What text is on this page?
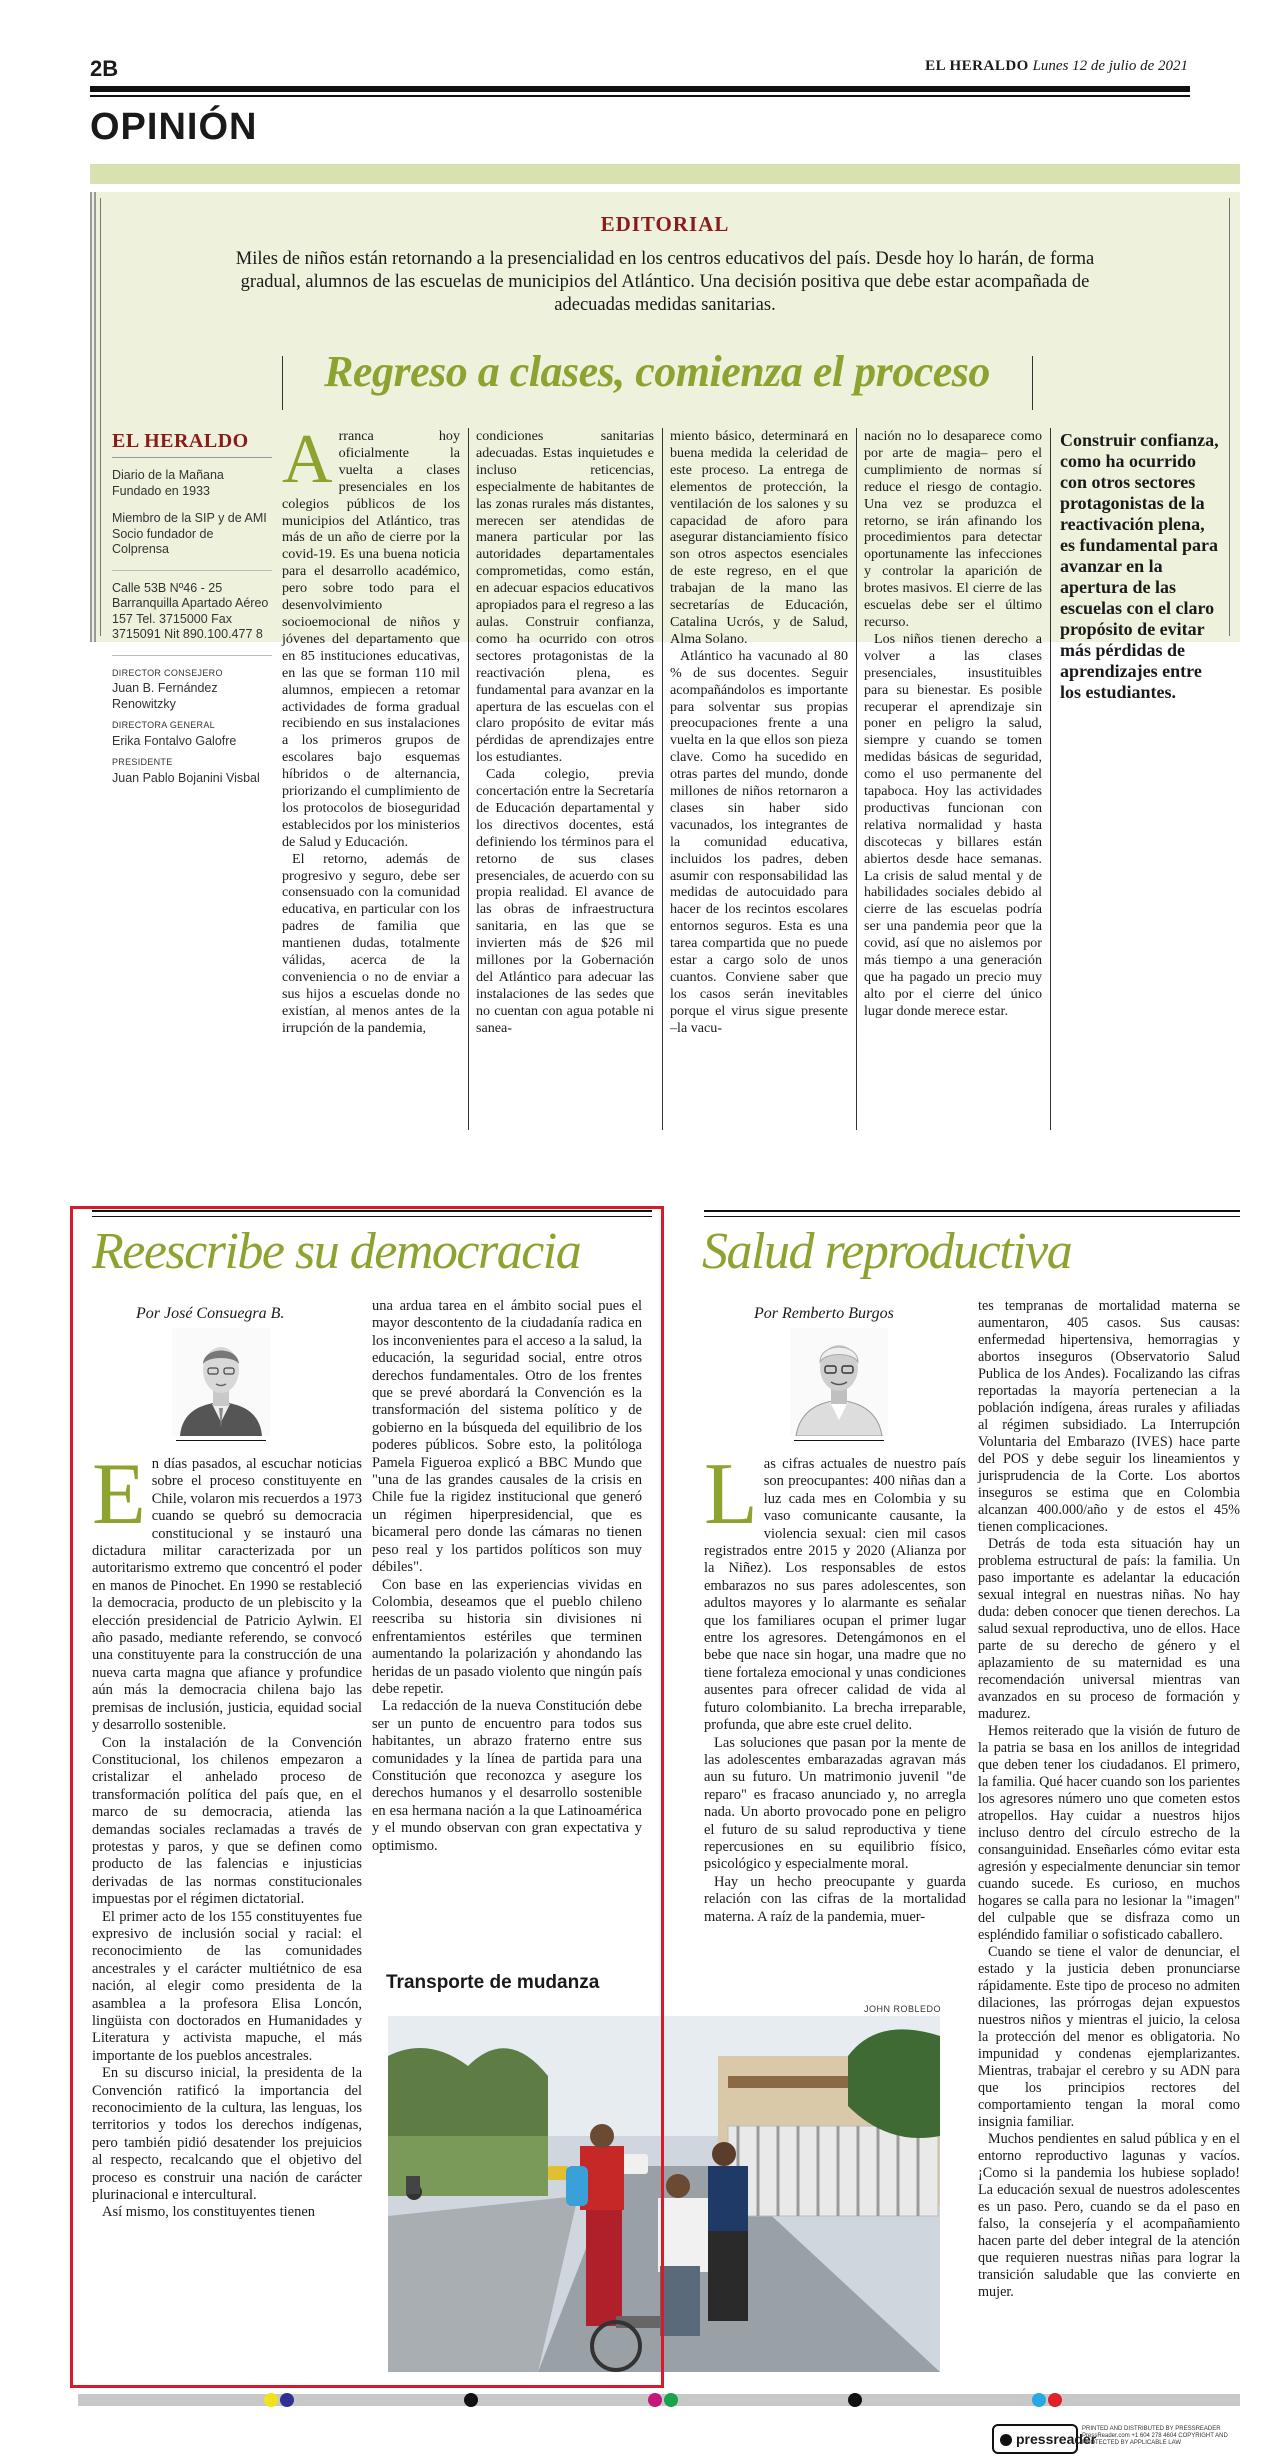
2B	EL HERALDO Lunes 12 de julio de 2021
OPINIÓN
EDITORIAL
Miles de niños están retornando a la presencialidad en los centros educativos del país. Desde hoy lo harán, de forma gradual, alumnos de las escuelas de municipios del Atlántico. Una decisión positiva que debe estar acompañada de adecuadas medidas sanitarias.
Regreso a clases, comienza el proceso
EL HERALDO
Diario de la Mañana Fundado en 1933
Miembro de la SIP y de AMI Socio fundador de Colprensa
Calle 53B Nº46 - 25 Barranquilla Apartado Aéreo 157 Tel. 3715000 Fax 3715091 Nit 890.100.477 8
DIRECTOR CONSEJERO
Juan B. Fernández Renowitzky
DIRECTORA GENERAL
Erika Fontalvo Galofre
PRESIDENTE
Juan Pablo Bojanini Visbal
A rranca hoy oficialmente la vuelta a clases presenciales en los colegios públicos de los municipios del Atlántico, tras más de un año de cierre por la covid-19. Es una buena noticia para el desarrollo académico, pero sobre todo para el desenvolvimiento socioemocional de niños y jóvenes del departamento que en 85 instituciones educativas, en las que se forman 110 mil alumnos, empiecen a retomar actividades de forma gradual recibiendo en sus instalaciones a los primeros grupos de escolares bajo esquemas híbridos o de alternancia, priorizando el cumplimiento de los protocolos de bioseguridad establecidos por los ministerios de Salud y Educación.

El retorno, además de progresivo y seguro, debe ser consensuado con la comunidad educativa, en particular con los padres de familia que mantienen dudas, totalmente válidas, acerca de la conveniencia o no de enviar a sus hijos a escuelas donde no existían, al menos antes de la irrupción de la pandemia,

condiciones sanitarias adecuadas. Estas inquietudes e incluso reticencias, especialmente de habitantes de las zonas rurales más distantes, merecen ser atendidas de manera particular por las autoridades departamentales comprometidas, como están, en adecuar espacios educativos apropiados para el regreso a las aulas. Construir confianza, como ha ocurrido con otros sectores protagonistas de la reactivación plena, es fundamental para avanzar en la apertura de las escuelas con el claro propósito de evitar más pérdidas de aprendizajes entre los estudiantes.

Cada colegio, previa concertación entre la Secretaría de Educación departamental y los directivos docentes, está definiendo los términos para el retorno de sus clases presenciales, de acuerdo con su propia realidad. El avance de las obras de infraestructura sanitaria, en las que se invierten más de $26 mil millones por la Gobernación del Atlántico para adecuar las instalaciones de las sedes que no cuentan con agua potable ni sanea-

miento básico, determinará en buena medida la celeridad de este proceso. La entrega de elementos de protección, la ventilación de los salones y su capacidad de aforo para asegurar distanciamiento físico son otros aspectos esenciales de este regreso, en el que trabajan de la mano las secretarías de Educación, Catalina Ucrós, y de Salud, Alma Solano.

Atlántico ha vacunado al 80 % de sus docentes. Seguir acompañándolos es importante para solventar sus propias preocupaciones frente a una vuelta en la que ellos son pieza clave. Como ha sucedido en otras partes del mundo, donde millones de niños retornaron a clases sin haber sido vacunados, los integrantes de la comunidad educativa, incluidos los padres, deben asumir con responsabilidad las medidas de autocuidado para hacer de los recintos escolares entornos seguros. Esta es una tarea compartida que no puede estar a cargo solo de unos cuantos. Conviene saber que los casos serán inevitables porque el virus sigue presente –la vacu-

nación no lo desaparece como por arte de magia– pero el cumplimiento de normas sí reduce el riesgo de contagio. Una vez se produzca el retorno, se irán afinando los procedimientos para detectar oportunamente las infecciones y controlar la aparición de brotes masivos. El cierre de las escuelas debe ser el último recurso.

Los niños tienen derecho a volver a las clases presenciales, insustituibles para su bienestar. Es posible recuperar el aprendizaje sin poner en peligro la salud, siempre y cuando se tomen medidas básicas de seguridad, como el uso permanente del tapaboca. Hoy las actividades productivas funcionan con relativa normalidad y hasta discotecas y billares están abiertos desde hace semanas. La crisis de salud mental y de habilidades sociales debido al cierre de las escuelas podría ser una pandemia peor que la covid, así que no aislemos por más tiempo a una generación que ha pagado un precio muy alto por el cierre del único lugar donde merece estar.

Construir confianza, como ha ocurrido con otros sectores protagonistas de la reactivación plena, es fundamental para avanzar en la apertura de las escuelas con el claro propósito de evitar más pérdidas de aprendizajes entre los estudiantes.
Reescribe su democracia
Por José Consuegra B.
E n días pasados, al escuchar noticias sobre el proceso constituyente en Chile, volaron mis recuerdos a 1973 cuando se quebró su democracia constitucional y se instauró una dictadura militar caracterizada por un autoritarismo extremo que concentró el poder en manos de Pinochet. En 1990 se restableció la democracia, producto de un plebiscito y la elección presidencial de Patricio Aylwin. El año pasado, mediante referendo, se convocó una constituyente para la construcción de una nueva carta magna que afiance y profundice aún más la democracia chilena bajo las premisas de inclusión, justicia, equidad social y desarrollo sostenible.

Con la instalación de la Convención Constitucional, los chilenos empezaron a cristalizar el anhelado proceso de transformación política del país que, en el marco de su democracia, atienda las demandas sociales reclamadas a través de protestas y paros, y que se definen como producto de las falencias e injusticias derivadas de las normas constitucionales impuestas por el régimen dictatorial.

El primer acto de los 155 constituyentes fue expresivo de inclusión social y racial: el reconocimiento de las comunidades ancestrales y el carácter multiétnico de esa nación, al elegir como presidenta de la asamblea a la profesora Elisa Loncón, lingüista con doctorados en Humanidades y Literatura y activista mapuche, el más importante de los pueblos ancestrales.

En su discurso inicial, la presidenta de la Convención ratificó la importancia del reconocimiento de la cultura, las lenguas, los territorios y todos los derechos indígenas, pero también pidió desatender los prejuicios al respecto, recalcando que el objetivo del proceso es construir una nación de carácter plurinacional e intercultural.

Así mismo, los constituyentes tienen

una ardua tarea en el ámbito social pues el mayor descontento de la ciudadanía radica en los inconvenientes para el acceso a la salud, la educación, la seguridad social, entre otros derechos fundamentales. Otro de los frentes que se prevé abordará la Convención es la transformación del sistema político y de gobierno en la búsqueda del equilibrio de los poderes públicos. Sobre esto, la politóloga Pamela Figueroa explicó a BBC Mundo que "una de las grandes causales de la crisis en Chile fue la rigidez institucional que generó un régimen hiperpresidencial, que es bicameral pero donde las cámaras no tienen peso real y los partidos políticos son muy débiles".

Con base en las experiencias vividas en Colombia, deseamos que el pueblo chileno reescriba su historia sin divisiones ni enfrentamientos estériles que terminen aumentando la polarización y ahondando las heridas de un pasado violento que ningún país debe repetir.

La redacción de la nueva Constitución debe ser un punto de encuentro para todos sus habitantes, un abrazo fraterno entre sus comunidades y la línea de partida para una Constitución que reconozca y asegure los derechos humanos y el desarrollo sostenible en esa hermana nación a la que Latinoamérica y el mundo observan con gran expectativa y optimismo.

Transporte de mudanza
JOHN ROBLEDO
Salud reproductiva
Por Remberto Burgos
L as cifras actuales de nuestro país son preocupantes: 400 niñas dan a luz cada mes en Colombia y su vaso comunicante causante, la violencia sexual: cien mil casos registrados entre 2015 y 2020 (Alianza por la Niñez). Los responsables de estos embarazos no sus pares adolescentes, son adultos mayores y lo alarmante es señalar que los familiares ocupan el primer lugar entre los agresores. Detengámonos en el bebe que nace sin hogar, una madre que no tiene fortaleza emocional y unas condiciones ausentes para ofrecer calidad de vida al futuro colombianito. La brecha irreparable, profunda, que abre este cruel delito.

Las soluciones que pasan por la mente de las adolescentes embarazadas agravan más aun su futuro. Un matrimonio juvenil "de reparo" es fracaso anunciado y, no arregla nada. Un aborto provocado pone en peligro el futuro de su salud reproductiva y tiene repercusiones en su equilibrio físico, psicológico y especialmente moral.

Hay un hecho preocupante y guarda relación con las cifras de la mortalidad materna. A raíz de la pandemia, muer-

tes tempranas de mortalidad materna se aumentaron, 405 casos. Sus causas: enfermedad hipertensiva, hemorragias y abortos inseguros (Observatorio Salud Publica de los Andes). Focalizando las cifras reportadas la mayoría pertenecian a la población indígena, áreas rurales y afiliadas al régimen subsidiado. La Interrupción Voluntaria del Embarazo (IVES) hace parte del POS y debe seguir los lineamientos y jurisprudencia de la Corte. Los abortos inseguros se estima que en Colombia alcanzan 400.000/año y de estos el 45% tienen complicaciones.

Detrás de toda esta situación hay un problema estructural de país: la familia. Un paso importante es adelantar la educación sexual integral en nuestras niñas. No hay duda: deben conocer que tienen derechos. La salud sexual reproductiva, uno de ellos. Hace parte de su derecho de género y el aplazamiento de su maternidad es una recomendación universal mientras van avanzados en su proceso de formación y madurez.

Hemos reiterado que la visión de futuro de la patria se basa en los anillos de integridad que deben tener los ciudadanos. El primero, la familia. Qué hacer cuando son los parientes los agresores número uno que cometen estos atropellos. Hay cuidar a nuestros hijos incluso dentro del círculo estrecho de la consanguinidad. Enseñarles cómo evitar esta agresión y especialmente denunciar sin temor cuando sucede. Es curioso, en muchos hogares se calla para no lesionar la "imagen" del culpable que se disfraza como un espléndido familiar o sofisticado caballero.

Cuando se tiene el valor de denunciar, el estado y la justicia deben pronunciarse rápidamente. Este tipo de proceso no admiten dilaciones, las prórrogas dejan expuestos nuestros niños y mientras el juicio, la celosa la protección del menor es obligatoria. No impunidad y condenas ejemplarizantes. Mientras, trabajar el cerebro y su ADN para que los principios rectores del comportamiento tengan la moral como insignia familiar.

Muchos pendientes en salud pública y en el entorno reproductivo lagunas y vacíos. ¡Como si la pandemia los hubiese soplado! La educación sexual de nuestros adolescentes es un paso. Pero, cuando se da el paso en falso, la consejería y el acompañamiento hacen parte del deber integral de la atención que requieren nuestras niñas para lograr la transición saludable que las convierte en mujer.

pressreader
PRINTED AND DISTRIBUTED BY PRESSREADER PressReader.com +1 604 278 4604 COPYRIGHT AND PROTECTED BY APPLICABLE LAW
